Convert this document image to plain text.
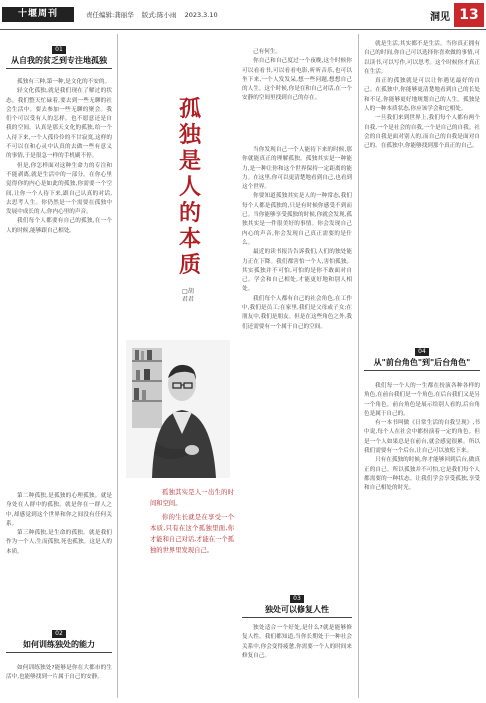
十堰周刊	责任编辑:龚丽华 版式:陈小雨 2023.3.10	洞见 13
01
从自我的贫乏到专注地孤独

孤独有三种,第一种,是文化的不安的。

轻文化孤独,就是我们现在了解过的状态。我们整天忙碌着,要去到一些无聊的社会生活中。要去参加一些无聊的聚会。我们个可以受有人的怎样。也不愿意还是自我的空间。认真是那天文化的孤独,给一个人待下来,一个人孤伶伶的不甘寂寞,这样的不可以在和心灵中认真的去做一些有意义的事情,于是很急一样的手机刷不停。

但是,你怎样面对这种生命力的专注和不能剥离,就是生活中的一部分。在你心里觉得你的内心是如此的孤独,你需要一个空间,让你一个人待下来,跟自己认真的对话,去思考人生。你仍然是一个需要在孤独中发展中成长的人,你内心里的声音。

我们每个人都要有自己的孤独,在一个人的时候,能够跟自己相处。

第二种孤独,是孤独的心理孤独。就是身处在人群中的孤独。就是你在一群人之中,却感觉到这个世界和你之间没有任何关系。

第三种孤独,是生命的孤独。就是我们作为一个人,生而孤独,死也孤独。这是人的本质。

02
如何训练独处的能力

如何训练独处?能够是你在大都市的生活中,也能够找到一片属于自己的安静。

孤独是人的本质
□胡君君

孤独其实是人一出生的时间和空间。

你的生长就是在享受一个本质,只有在这个孤独里面,你才能和自己对话,才能在一个孤独的世界里发现自己。

己有何生。

你自己和自己度过一个夜晚,这个时候你可以看看书,可以看看电影,听听音乐,也可以坐下来,一个人发发呆,想一些问题,想想自己的人生。这个时候,你是在和自己对话,在一个安静的空间里找到自己的存在。

当你发现自己一个人能待下来的时候,那你就能真正的理解孤独。孤独其实是一种能力,是一种让你和这个世界保持一定距离的能力。在这里,你可以更清楚地看到自己,也看到这个世界。

你要知道孤独其实是人的一种常态,我们每个人都是孤独的,只是有时候你感受不到而已。当你能够享受孤独的时候,你就会发现,孤独其实是一件很美好的事情。你会发现自己内心的声音,你会发现自己真正需要的是什么。

最近的读书报告告诉我们,人们的独处能力正在下降。我们都害怕一个人,害怕孤独。其实孤独并不可怕,可怕的是你不敢面对自己。学会和自己相处,才能更好地和别人相处。

我们每个人都有自己的社会角色,在工作中,我们是员工;在家里,我们是父母或子女;在朋友中,我们是朋友。但是在这些角色之外,我们还需要有一个属于自己的空间。

03
独处可以修复人性

独处适合一个好处,是什么?就是能够修复人性。我们都知道,当你长期处于一种社会关系中,你会变得疲惫,你需要一个人的时间来修复自己。

就是生活,其实都不是生活。当你真正拥有自己的时间,你自己可以选择你喜欢做的事情,可以读书,可以写作,可以思考。这个时候你才真正在生活。

真正的孤独就是可以让你遇见最好的自己。在孤独中,你能够更清楚地看到自己的长处和不足,你能够更好地规划自己的人生。孤独是人的一种本质状态,你应该学会和它相处。

一旦我们来到世界上,我们每个人都有两个自我,一个是社会的自我,一个是自己的自我。社会的自我是面对别人的,而自己的自我是面对自己的。在孤独中,你能够找到那个真正的自己。

04
从"前台角色"到"后台角色"

我们每一个人的一生都在扮演各种各样的角色,在前台我们是一个角色,在后台我们又是另一个角色。前台角色是展示给别人看的,后台角色是属于自己的。

有一本书叫做《日常生活的自我呈现》,书中说,每个人在社会中都扮演着一定的角色。但是一个人如果总是在前台,就会感觉很累。所以我们需要有一个后台,让自己可以放松下来。

只有在孤独的时候,你才能够回到后台,做真正的自己。所以孤独并不可怕,它是我们每个人都需要的一种状态。让我们学会享受孤独,享受和自己相处的时光。
